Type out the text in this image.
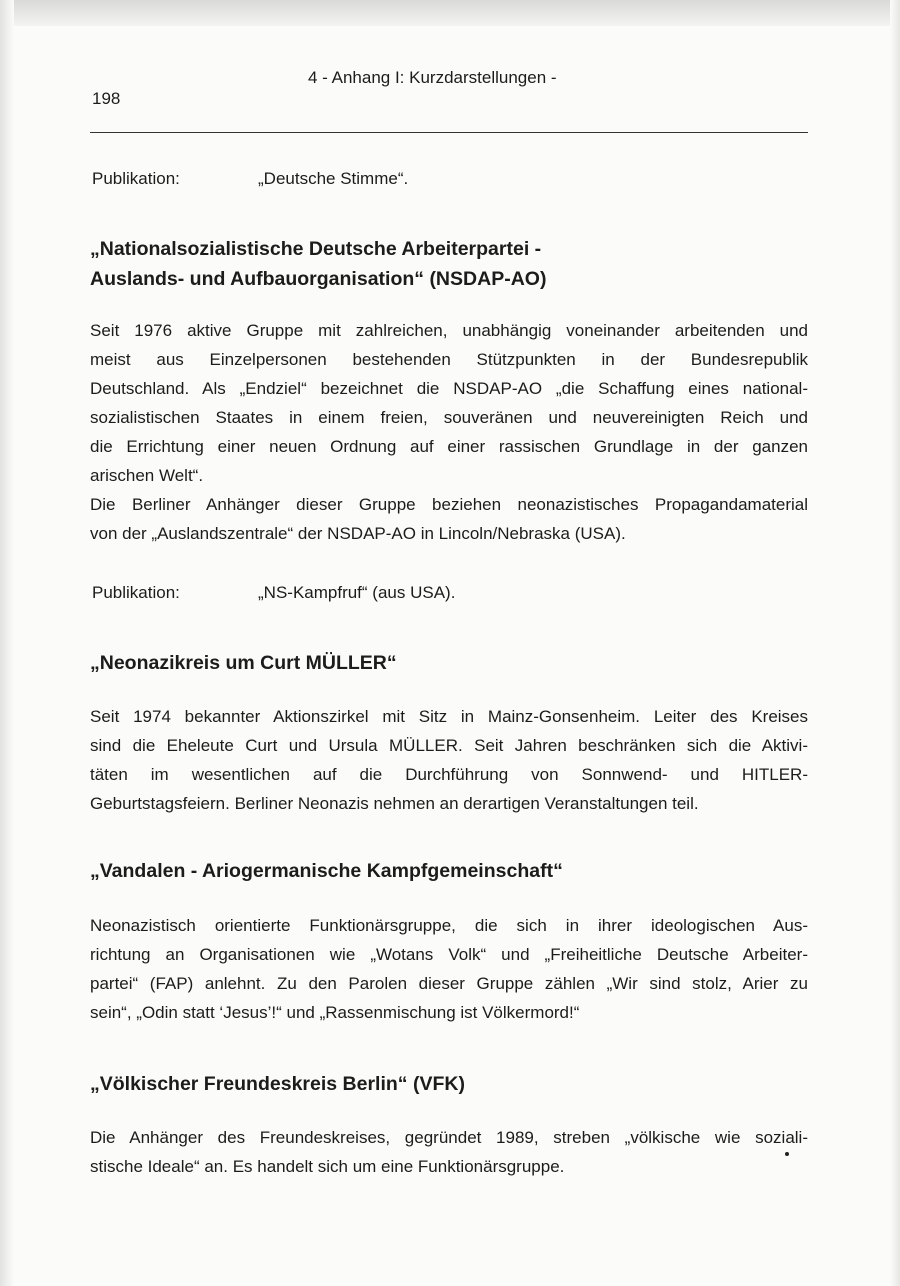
4 - Anhang I: Kurzdarstellungen -
198
Publikation:	„Deutsche Stimme“.
„Nationalsozialistische Deutsche Arbeiterpartei -
Auslands- und Aufbauorganisation“ (NSDAP-AO)
Seit 1976 aktive Gruppe mit zahlreichen, unabhängig voneinander arbeitenden und
meist aus Einzelpersonen bestehenden Stützpunkten in der Bundesrepublik
Deutschland. Als „Endziel“ bezeichnet die NSDAP-AO „die Schaffung eines national-
sozialistischen Staates in einem freien, souveränen und neuvereinigten Reich und
die Errichtung einer neuen Ordnung auf einer rassischen Grundlage in der ganzen
arischen Welt“.
Die Berliner Anhänger dieser Gruppe beziehen neonazistisches Propagandamaterial
von der „Auslandszentrale“ der NSDAP-AO in Lincoln/Nebraska (USA).
Publikation:	„NS-Kampfruf“ (aus USA).
„Neonazikreis um Curt MÜLLER“
Seit 1974 bekannter Aktionszirkel mit Sitz in Mainz-Gonsenheim. Leiter des Kreises
sind die Eheleute Curt und Ursula MÜLLER. Seit Jahren beschränken sich die Aktivi-
täten im wesentlichen auf die Durchführung von Sonnwend- und HITLER-
Geburtstagsfeiern. Berliner Neonazis nehmen an derartigen Veranstaltungen teil.
„Vandalen - Ariogermanische Kampfgemeinschaft“
Neonazistisch orientierte Funktionärsgruppe, die sich in ihrer ideologischen Aus-
richtung an Organisationen wie „Wotans Volk“ und „Freiheitliche Deutsche Arbeiter-
partei“ (FAP) anlehnt. Zu den Parolen dieser Gruppe zählen „Wir sind stolz, Arier zu
sein“, „Odin statt ‘Jesus’!“ und „Rassenmischung ist Völkermord!“
„Völkischer Freundeskreis Berlin“ (VFK)
Die Anhänger des Freundeskreises, gegründet 1989, streben „völkische wie soziali-
stische Ideale“ an. Es handelt sich um eine Funktionärsgruppe.
